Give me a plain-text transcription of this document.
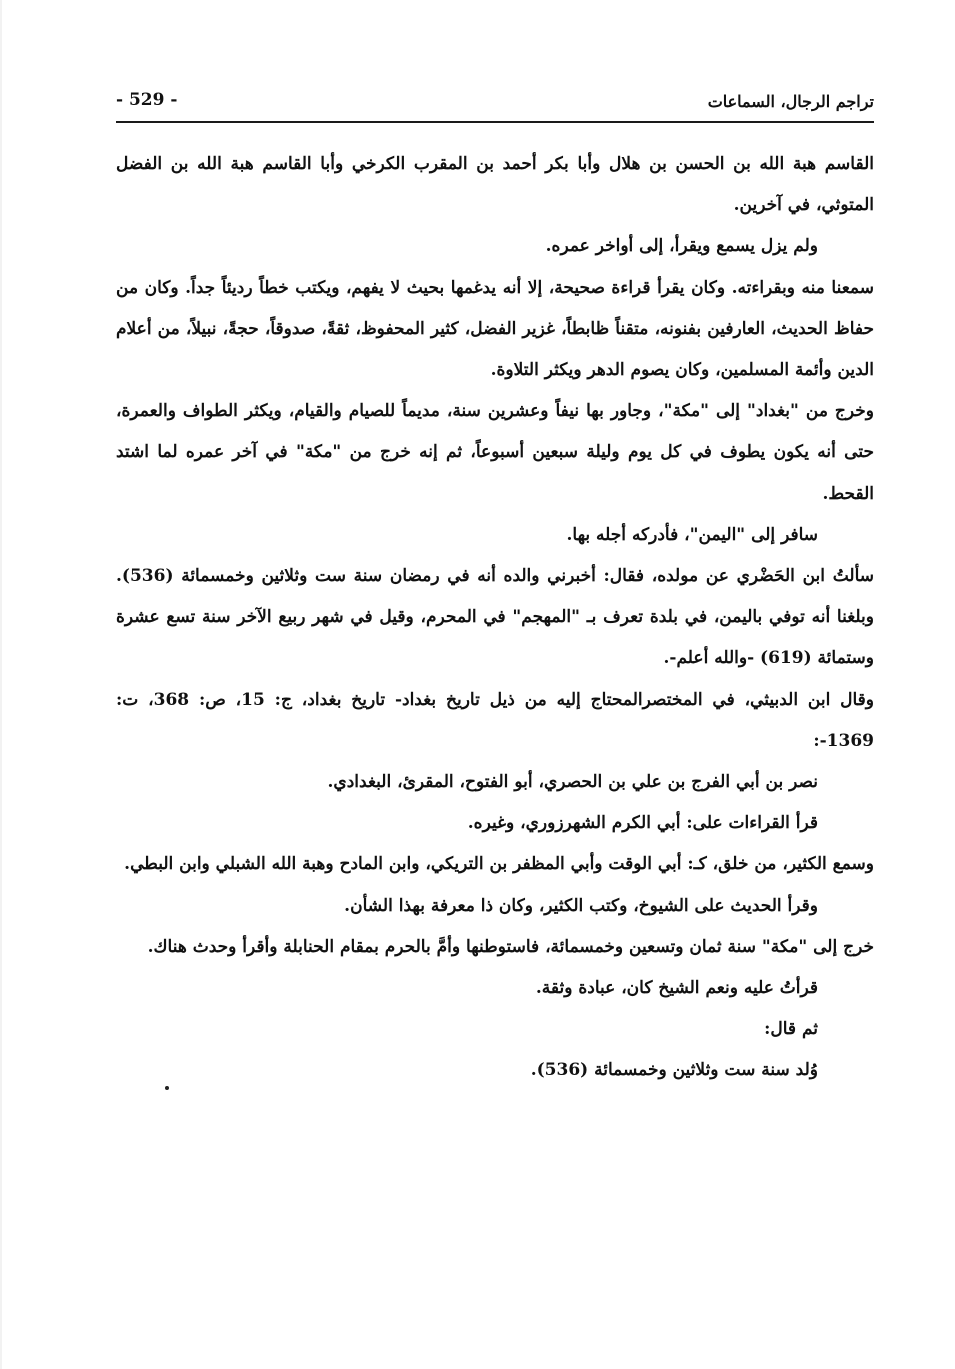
تراجم الرجال، السماعات
- 529 -

القاسم هبة الله بن الحسن بن هلال وأبا بكر أحمد بن المقرب الكرخي وأبا القاسم هبة الله بن الفضل المتوثي، في آخرين.

ولم يزل يسمع ويقرأ، إلى أواخر عمره.

سمعنا منه وبقراءته. وكان يقرأ قراءة صحيحة، إلا أنه يدغمها بحيث لا يفهم، ويكتب خطاً رديئاً جداً. وكان من حفاظ الحديث، العارفين بفنونه، متقناً ظابطاً، غزير الفضل، كثير المحفوظ، ثقةً، صدوقاً، حجةً، نبيلاً، من أعلام الدين وأئمة المسلمين، وكان يصوم الدهر ويكثر التلاوة.

وخرج من "بغداد" إلى "مكة"، وجاور بها نيفاً وعشرين سنة، مديماً للصيام والقيام، ويكثر الطواف والعمرة، حتى أنه يكون يطوف في كل يوم وليلة سبعين أسبوعاً، ثم إنه خرج من "مكة" في آخر عمره لما اشتد القحط.

سافر إلى "اليمن"، فأدركه أجله بها.

سألتُ ابن الحَضْري عن مولده، فقال: أخبرني والده أنه في رمضان سنة ست وثلاثين وخمسمائة (536). وبلغنا أنه توفي باليمن، في بلدة تعرف بـ "المهجم" في المحرم، وقيل في شهر ربيع الآخر سنة تسع عشرة وستمائة (619) -والله أعلم-.

وقال ابن الدبيثي، في المختصرالمحتاج إليه من ذيل تاريخ بغداد- تاريخ بغداد، ج: 15، ص: 368، ت: 1369-:

نصر بن أبي الفرج بن علي بن الحصري، أبو الفتوح، المقرئ، البغدادي.

قرأ القراءات على: أبي الكرم الشهرزوري، وغيره.

وسمع الكثير، من خلق، كـ: أبي الوقت وأبي المظفر بن التريكي، وابن المادح وهبة الله الشبلي وابن البطي.

وقرأ الحديث على الشيوخ، وكتب الكثير، وكان ذا معرفة بهذا الشأن.

خرج إلى "مكة" سنة ثمان وتسعين وخمسمائة، فاستوطنها وأمَّ بالحرم بمقام الحنابلة وأقرأ وحدث هناك.

قرأتُ عليه ونعم الشيخ كان، عبادة وثقة.

ثم قال:

وُلد سنة ست وثلاثين وخمسمائة (536).
